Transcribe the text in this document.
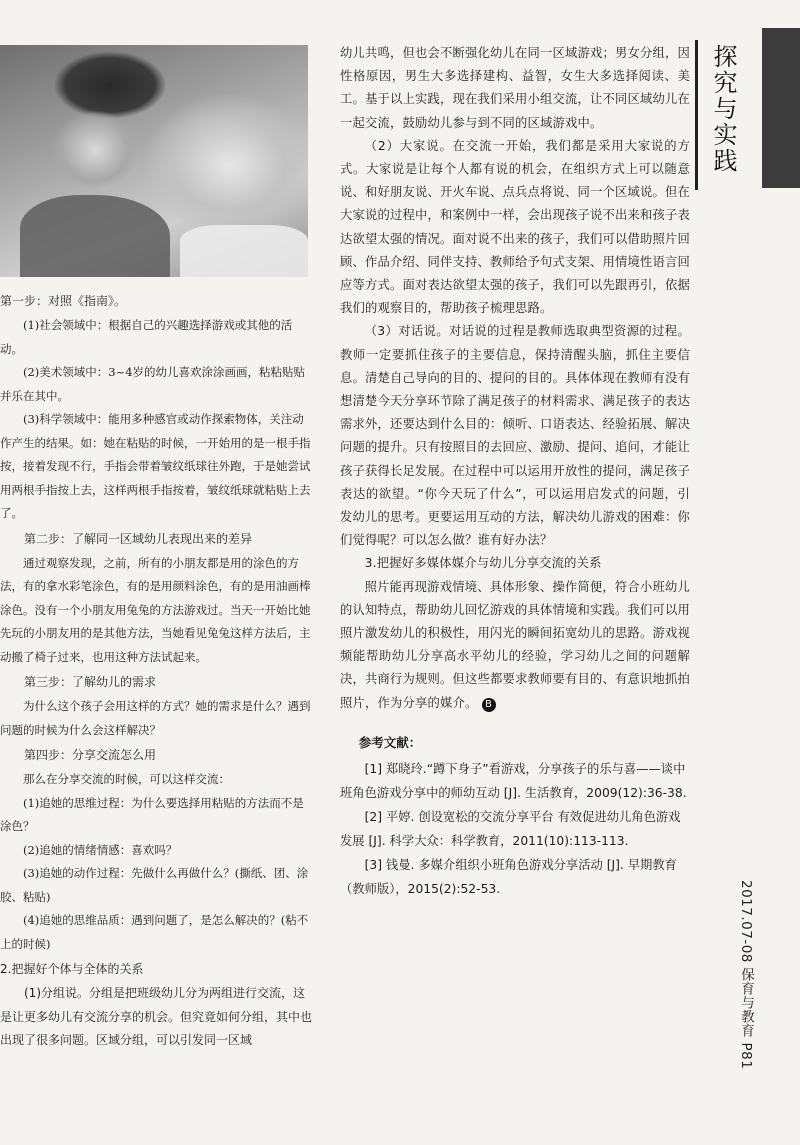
第一步：对照《指南》。

(1)社会领域中：根据自己的兴趣选择游戏或其他的活动。

(2)美术领域中：3~4岁的幼儿喜欢涂涂画画，粘粘贴贴并乐在其中。

(3)科学领域中：能用多种感官或动作探索物体，关注动作产生的结果。如：她在粘贴的时候，一开始用的是一根手指按，接着发现不行，手指会带着皱纹纸球往外跑，于是她尝试用两根手指按上去，这样两根手指按着，皱纹纸球就粘贴上去了。

第二步：了解同一区域幼儿表现出来的差异

通过观察发现，之前，所有的小朋友都是用的涂色的方法，有的拿水彩笔涂色，有的是用颜料涂色，有的是用油画棒涂色。没有一个小朋友用兔兔的方法游戏过。当天一开始比她先玩的小朋友用的是其他方法，当她看见兔兔这样方法后，主动搬了椅子过来，也用这种方法试起来。

第三步：了解幼儿的需求

为什么这个孩子会用这样的方式？她的需求是什么？遇到问题的时候为什么会这样解决？

第四步：分享交流怎么用

那么在分享交流的时候，可以这样交流：

(1)追她的思维过程：为什么要选择用粘贴的方法而不是涂色？

(2)追她的情绪情感：喜欢吗？

(3)追她的动作过程：先做什么再做什么？(撕纸、团、涂胶、粘贴)

(4)追她的思维品质：遇到问题了，是怎么解决的？(粘不上的时候)

2.把握好个体与全体的关系

(1)分组说。分组是把班级幼儿分为两组进行交流，这是让更多幼儿有交流分享的机会。但究竟如何分组，其中也出现了很多问题。区域分组，可以引发同一区域

幼儿共鸣，但也会不断强化幼儿在同一区域游戏；男女分组，因性格原因，男生大多选择建构、益智，女生大多选择阅读、美工。基于以上实践，现在我们采用小组交流，让不同区域幼儿在一起交流，鼓励幼儿参与到不同的区域游戏中。

（2）大家说。在交流一开始，我们都是采用大家说的方式。大家说是让每个人都有说的机会，在组织方式上可以随意说、和好朋友说、开火车说、点兵点将说、同一个区域说。但在大家说的过程中，和案例中一样，会出现孩子说不出来和孩子表达欲望太强的情况。面对说不出来的孩子，我们可以借助照片回顾、作品介绍、同伴支持、教师给予句式支架、用情境性语言回应等方式。面对表达欲望太强的孩子，我们可以先跟再引，依据我们的观察目的，帮助孩子梳理思路。

（3）对话说。对话说的过程是教师选取典型资源的过程。教师一定要抓住孩子的主要信息，保持清醒头脑，抓住主要信息。清楚自己导向的目的、提问的目的。具体体现在教师有没有想清楚今天分享环节除了满足孩子的材料需求、满足孩子的表达需求外，还要达到什么目的：倾听、口语表达、经验拓展、解决问题的提升。只有按照目的去回应、激励、提问、追问，才能让孩子获得长足发展。在过程中可以运用开放性的提问，满足孩子表达的欲望。“你今天玩了什么”，可以运用启发式的问题，引发幼儿的思考。更要运用互动的方法，解决幼儿游戏的困难：你们觉得呢？可以怎么做？谁有好办法？

3.把握好多媒体媒介与幼儿分享交流的关系

照片能再现游戏情境、具体形象、操作简便，符合小班幼儿的认知特点，帮助幼儿回忆游戏的具体情境和实践。我们可以用照片激发幼儿的积极性，用闪光的瞬间拓宽幼儿的思路。游戏视频能帮助幼儿分享高水平幼儿的经验，学习幼儿之间的问题解决，共商行为规则。但这些都要求教师要有目的、有意识地抓拍照片，作为分享的媒介。 B

参考文献：

[1] 郑晓玲.“蹲下身子”看游戏，分享孩子的乐与喜——谈中班角色游戏分享中的师幼互动 [J]. 生活教育，2009(12):36-38.

[2] 平婷. 创设宽松的交流分享平台 有效促进幼儿角色游戏发展 [J]. 科学大众：科学教育，2011(10):113-113.

[3] 钱曼. 多媒介组织小班角色游戏分享活动 [J]. 早期教育（教师版），2015(2):52-53.

探究与实践
2017.07-08 保育与教育 P81
